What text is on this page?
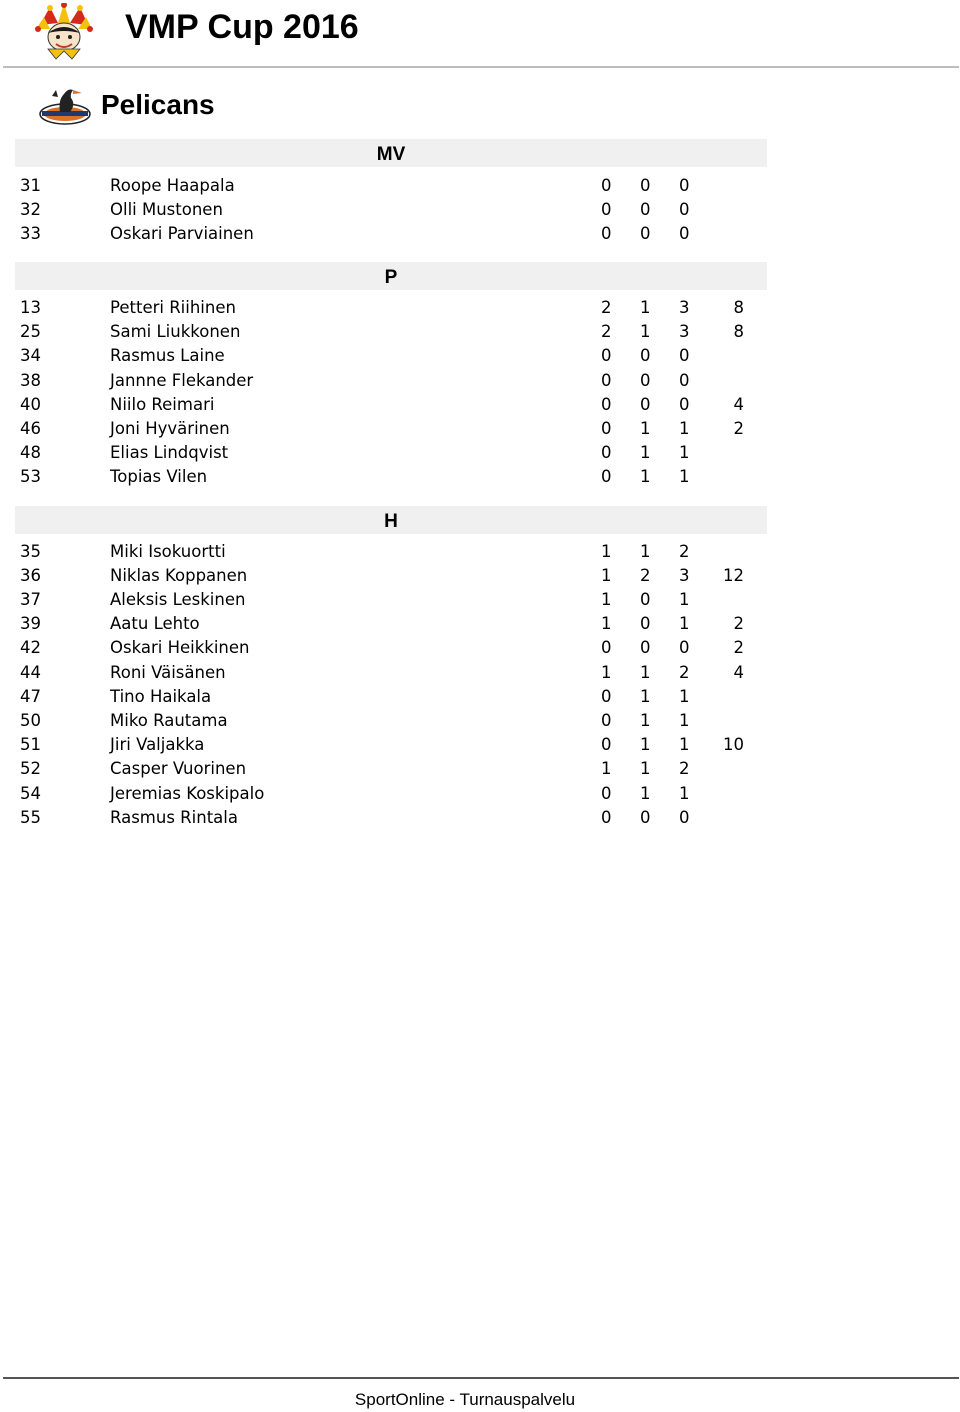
VMP Cup 2016
Pelicans
MV
31	Roope Haapala	0 0 0
32	Olli Mustonen	0 0 0
33	Oskari Parviainen	0 0 0
P
13	Petteri Riihinen	2 1 3	8
25	Sami Liukkonen	2 1 3	8
34	Rasmus Laine	0 0 0
38	Jannne Flekander	0 0 0
40	Niilo Reimari	0 0 0	4
46	Joni Hyvärinen	0 1 1	2
48	Elias Lindqvist	0 1 1
53	Topias Vilen	0 1 1
H
35	Miki Isokuortti	1 1 2
36	Niklas Koppanen	1 2 3	12
37	Aleksis Leskinen	1 0 1
39	Aatu Lehto	1 0 1	2
42	Oskari Heikkinen	0 0 0	2
44	Roni Väisänen	1 1 2	4
47	Tino Haikala	0 1 1
50	Miko Rautama	0 1 1
51	Jiri Valjakka	0 1 1	10
52	Casper Vuorinen	1 1 2
54	Jeremias Koskipalo	0 1 1
55	Rasmus Rintala	0 0 0
SportOnline - Turnauspalvelu
